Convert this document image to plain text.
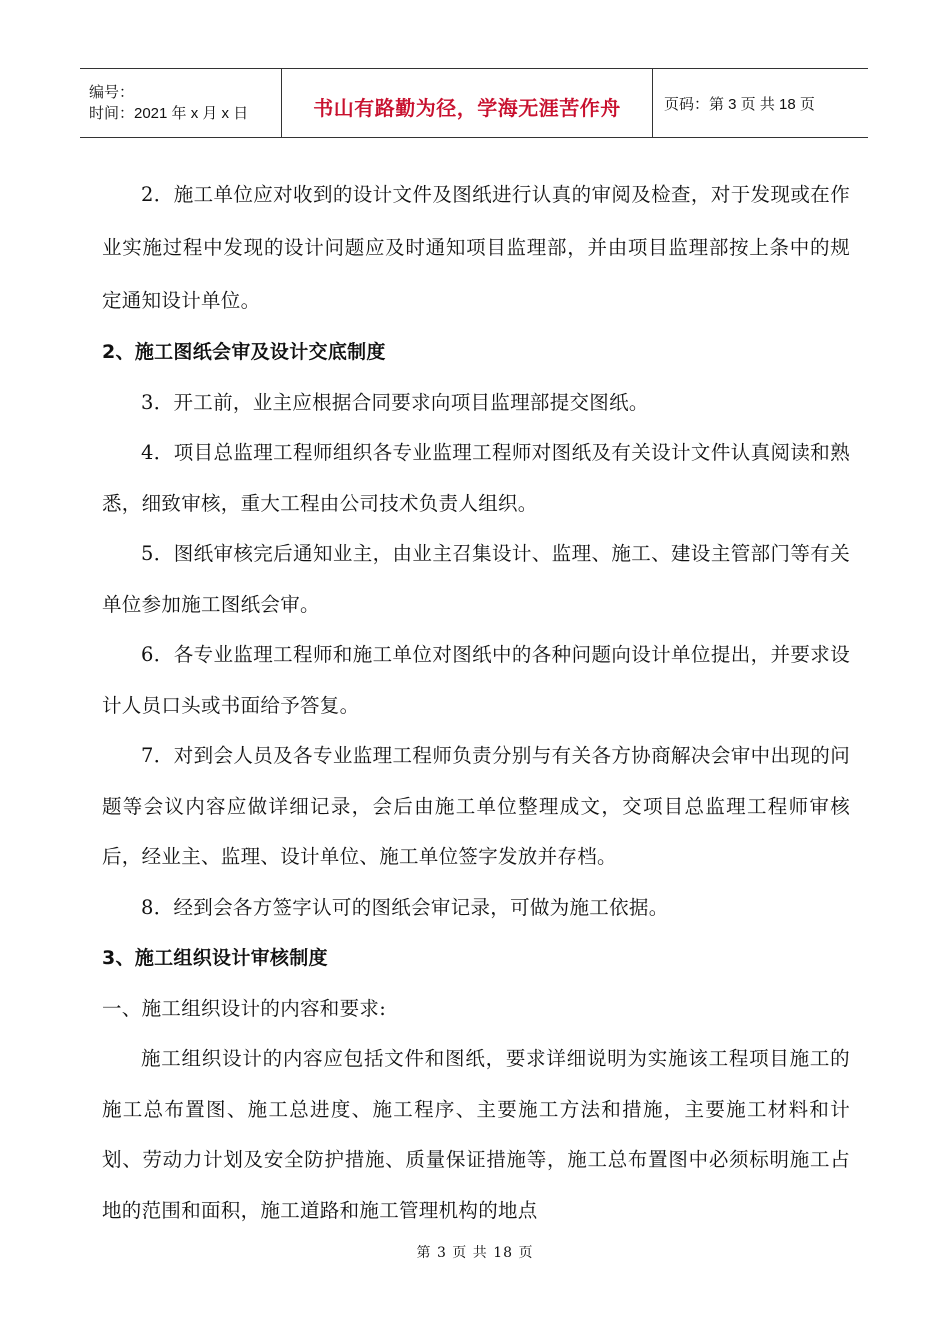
编号：
时间：2021 年 x 月 x 日	书山有路勤为径，学海无涯苦作舟	页码：第 3 页 共 18 页

2．施工单位应对收到的设计文件及图纸进行认真的审阅及检查，对于发现或在作业实施过程中发现的设计问题应及时通知项目监理部，并由项目监理部按上条中的规定通知设计单位。

2、施工图纸会审及设计交底制度

3．开工前，业主应根据合同要求向项目监理部提交图纸。

4．项目总监理工程师组织各专业监理工程师对图纸及有关设计文件认真阅读和熟悉，细致审核，重大工程由公司技术负责人组织。

5．图纸审核完后通知业主，由业主召集设计、监理、施工、建设主管部门等有关单位参加施工图纸会审。

6．各专业监理工程师和施工单位对图纸中的各种问题向设计单位提出，并要求设计人员口头或书面给予答复。

7．对到会人员及各专业监理工程师负责分别与有关各方协商解决会审中出现的问题等会议内容应做详细记录，会后由施工单位整理成文，交项目总监理工程师审核后，经业主、监理、设计单位、施工单位签字发放并存档。

8．经到会各方签字认可的图纸会审记录，可做为施工依据。

3、施工组织设计审核制度

一、施工组织设计的内容和要求:

施工组织设计的内容应包括文件和图纸，要求详细说明为实施该工程项目施工的施工总布置图、施工总进度、施工程序、主要施工方法和措施，主要施工材料和计划、劳动力计划及安全防护措施、质量保证措施等，施工总布置图中必须标明施工占地的范围和面积，施工道路和施工管理机构的地点

第 3 页 共 18 页
